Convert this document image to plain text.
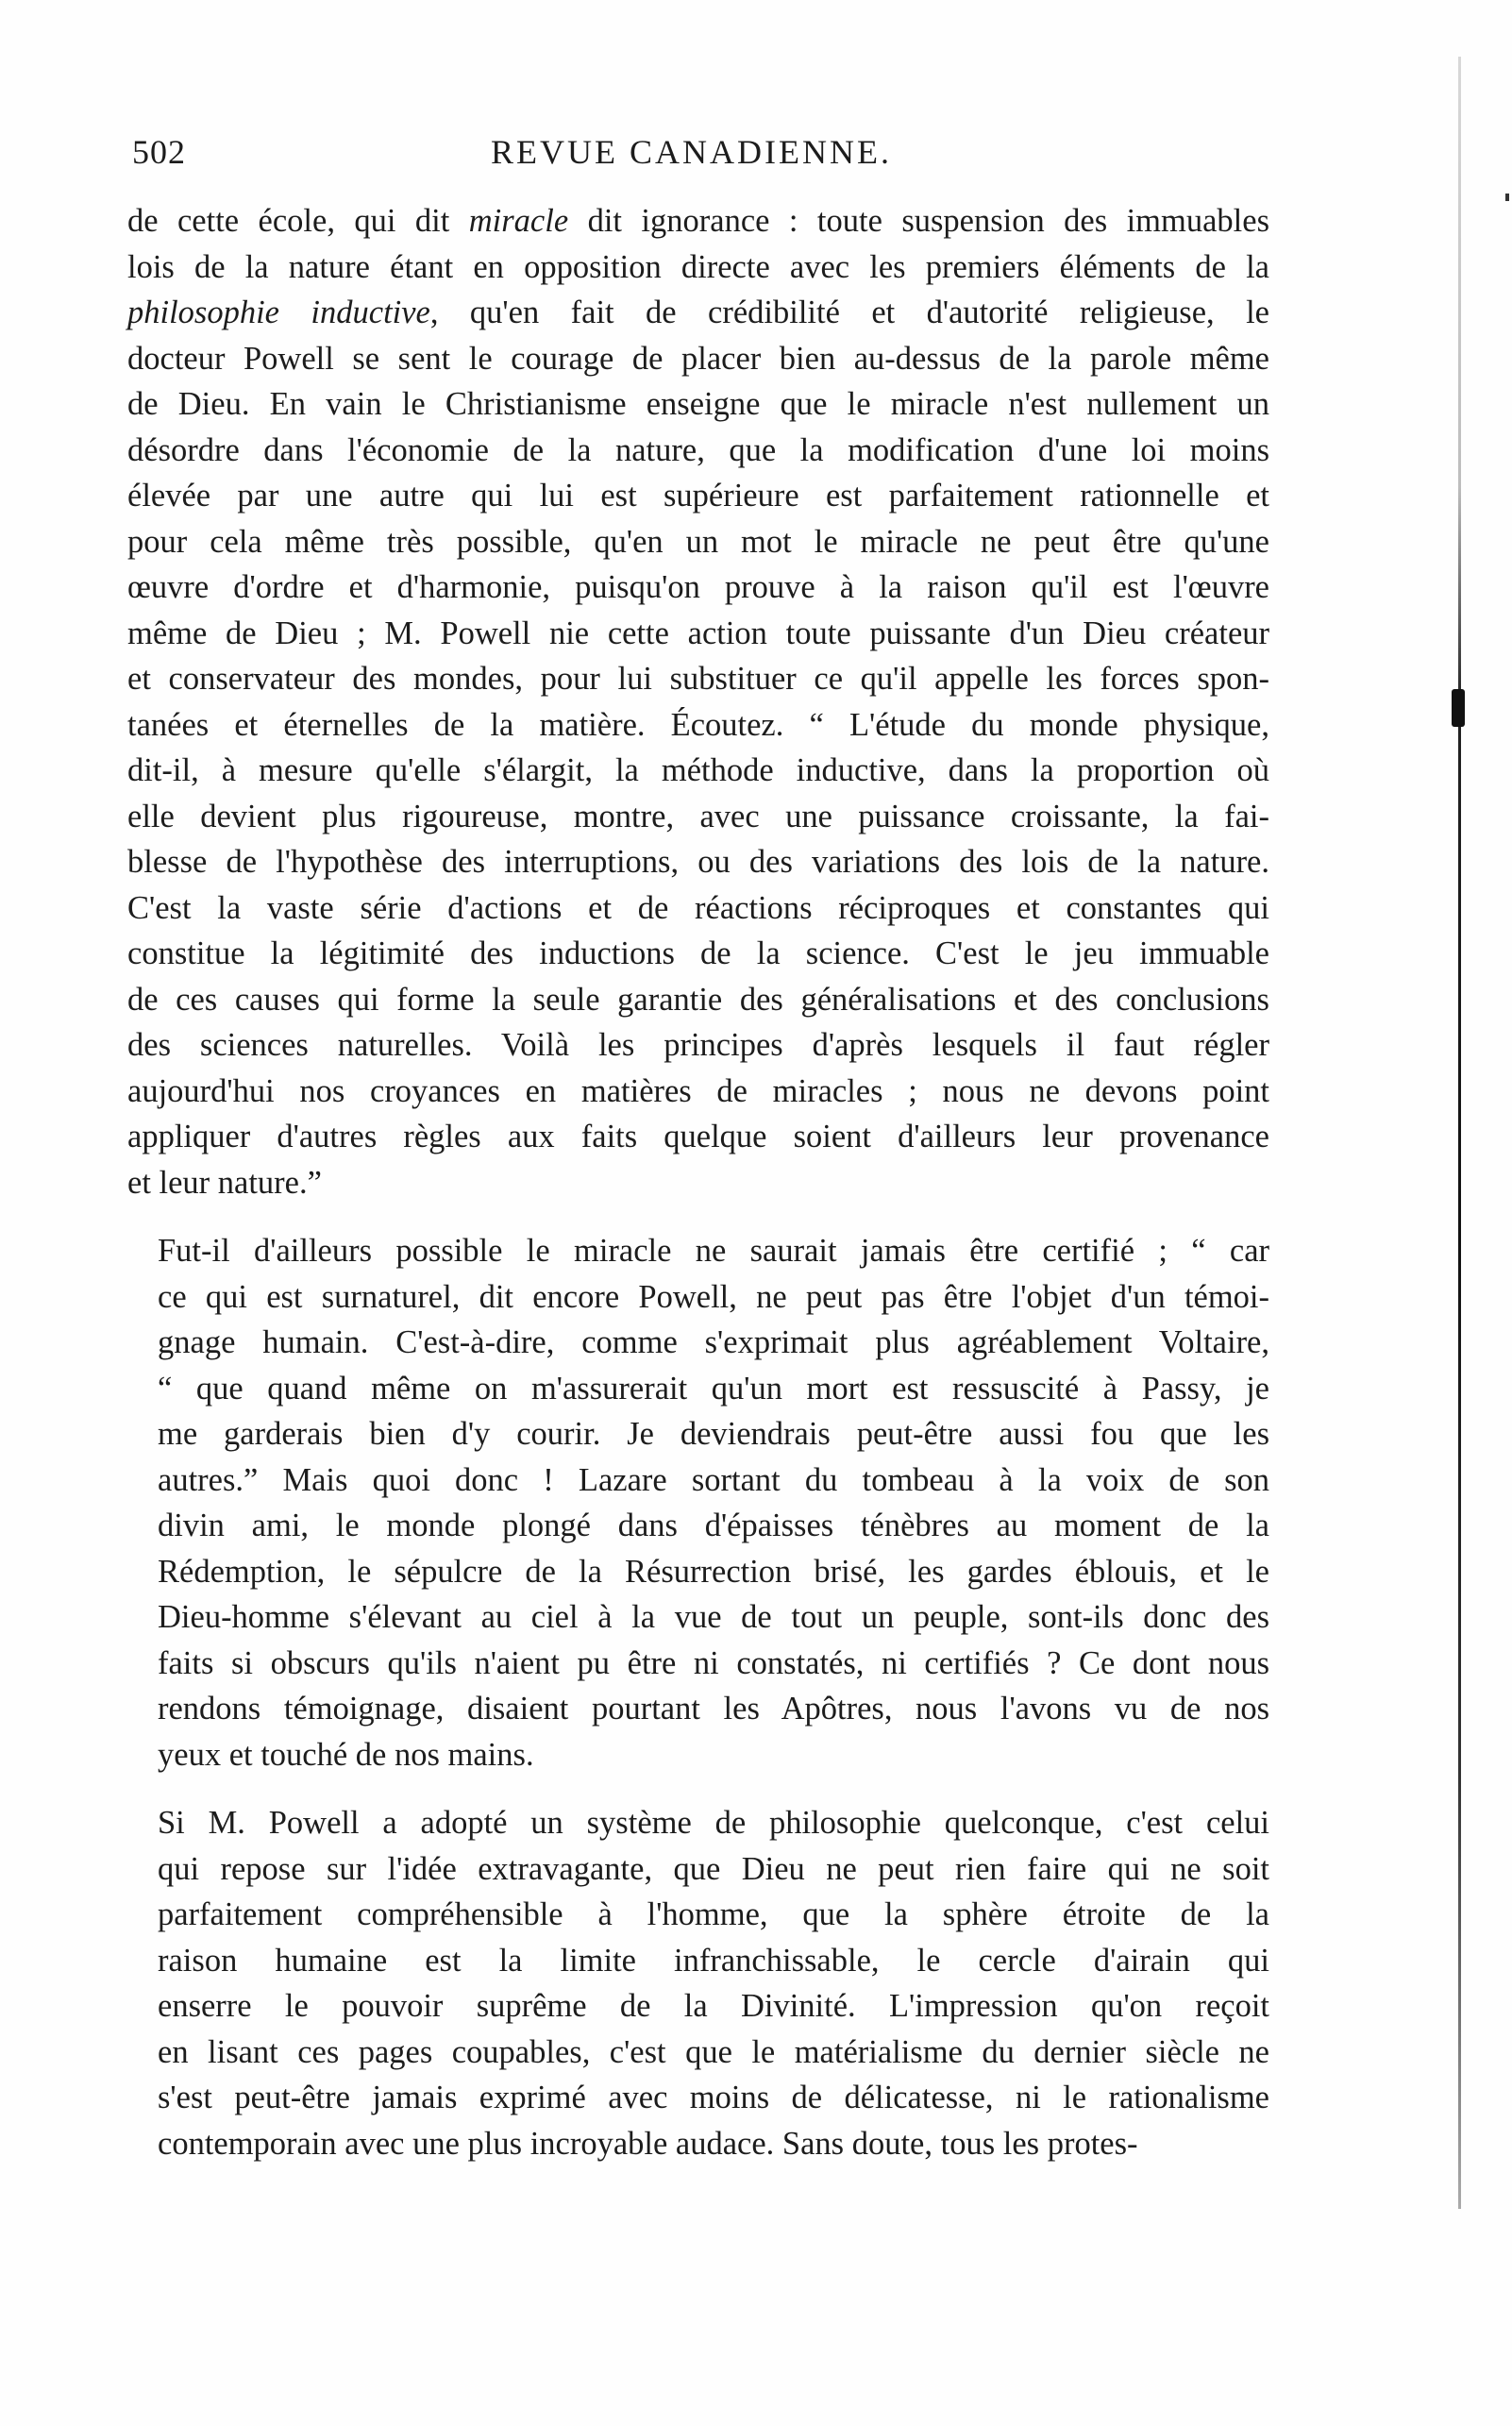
502	REVUE CANADIENNE.

de cette école, qui dit miracle dit ignorance : toute suspension des immuables
lois de la nature étant en opposition directe avec les premiers éléments de la
philosophie inductive, qu'en fait de crédibilité et d'autorité religieuse, le
docteur Powell se sent le courage de placer bien au-dessus de la parole même
de Dieu. En vain le Christianisme enseigne que le miracle n'est nullement un
désordre dans l'économie de la nature, que la modification d'une loi moins
élevée par une autre qui lui est supérieure est parfaitement rationnelle et
pour cela même très possible, qu'en un mot le miracle ne peut être qu'une
œuvre d'ordre et d'harmonie, puisqu'on prouve à la raison qu'il est l'œuvre
même de Dieu ; M. Powell nie cette action toute puissante d'un Dieu créateur
et conservateur des mondes, pour lui substituer ce qu'il appelle les forces spon-
tanées et éternelles de la matière. Écoutez. “ L'étude du monde physique,
dit-il, à mesure qu'elle s'élargit, la méthode inductive, dans la proportion où
elle devient plus rigoureuse, montre, avec une puissance croissante, la fai-
blesse de l'hypothèse des interruptions, ou des variations des lois de la nature.
C'est la vaste série d'actions et de réactions réciproques et constantes qui
constitue la légitimité des inductions de la science. C'est le jeu immuable
de ces causes qui forme la seule garantie des généralisations et des conclusions
des sciences naturelles. Voilà les principes d'après lesquels il faut régler
aujourd'hui nos croyances en matières de miracles ; nous ne devons point
appliquer d'autres règles aux faits quelque soient d'ailleurs leur provenance
et leur nature.”

Fut-il d'ailleurs possible le miracle ne saurait jamais être certifié ; “ car
ce qui est surnaturel, dit encore Powell, ne peut pas être l'objet d'un témoi-
gnage humain. C'est-à-dire, comme s'exprimait plus agréablement Voltaire,
“ que quand même on m'assurerait qu'un mort est ressuscité à Passy, je
me garderais bien d'y courir. Je deviendrais peut-être aussi fou que les
autres.” Mais quoi donc ! Lazare sortant du tombeau à la voix de son
divin ami, le monde plongé dans d'épaisses ténèbres au moment de la
Rédemption, le sépulcre de la Résurrection brisé, les gardes éblouis, et le
Dieu-homme s'élevant au ciel à la vue de tout un peuple, sont-ils donc des
faits si obscurs qu'ils n'aient pu être ni constatés, ni certifiés ? Ce dont nous
rendons témoignage, disaient pourtant les Apôtres, nous l'avons vu de nos
yeux et touché de nos mains.

Si M. Powell a adopté un système de philosophie quelconque, c'est celui
qui repose sur l'idée extravagante, que Dieu ne peut rien faire qui ne soit
parfaitement compréhensible à l'homme, que la sphère étroite de la
raison humaine est la limite infranchissable, le cercle d'airain qui
enserre le pouvoir suprême de la Divinité. L'impression qu'on reçoit
en lisant ces pages coupables, c'est que le matérialisme du dernier siècle ne
s'est peut-être jamais exprimé avec moins de délicatesse, ni le rationalisme
contemporain avec une plus incroyable audace. Sans doute, tous les protes-
